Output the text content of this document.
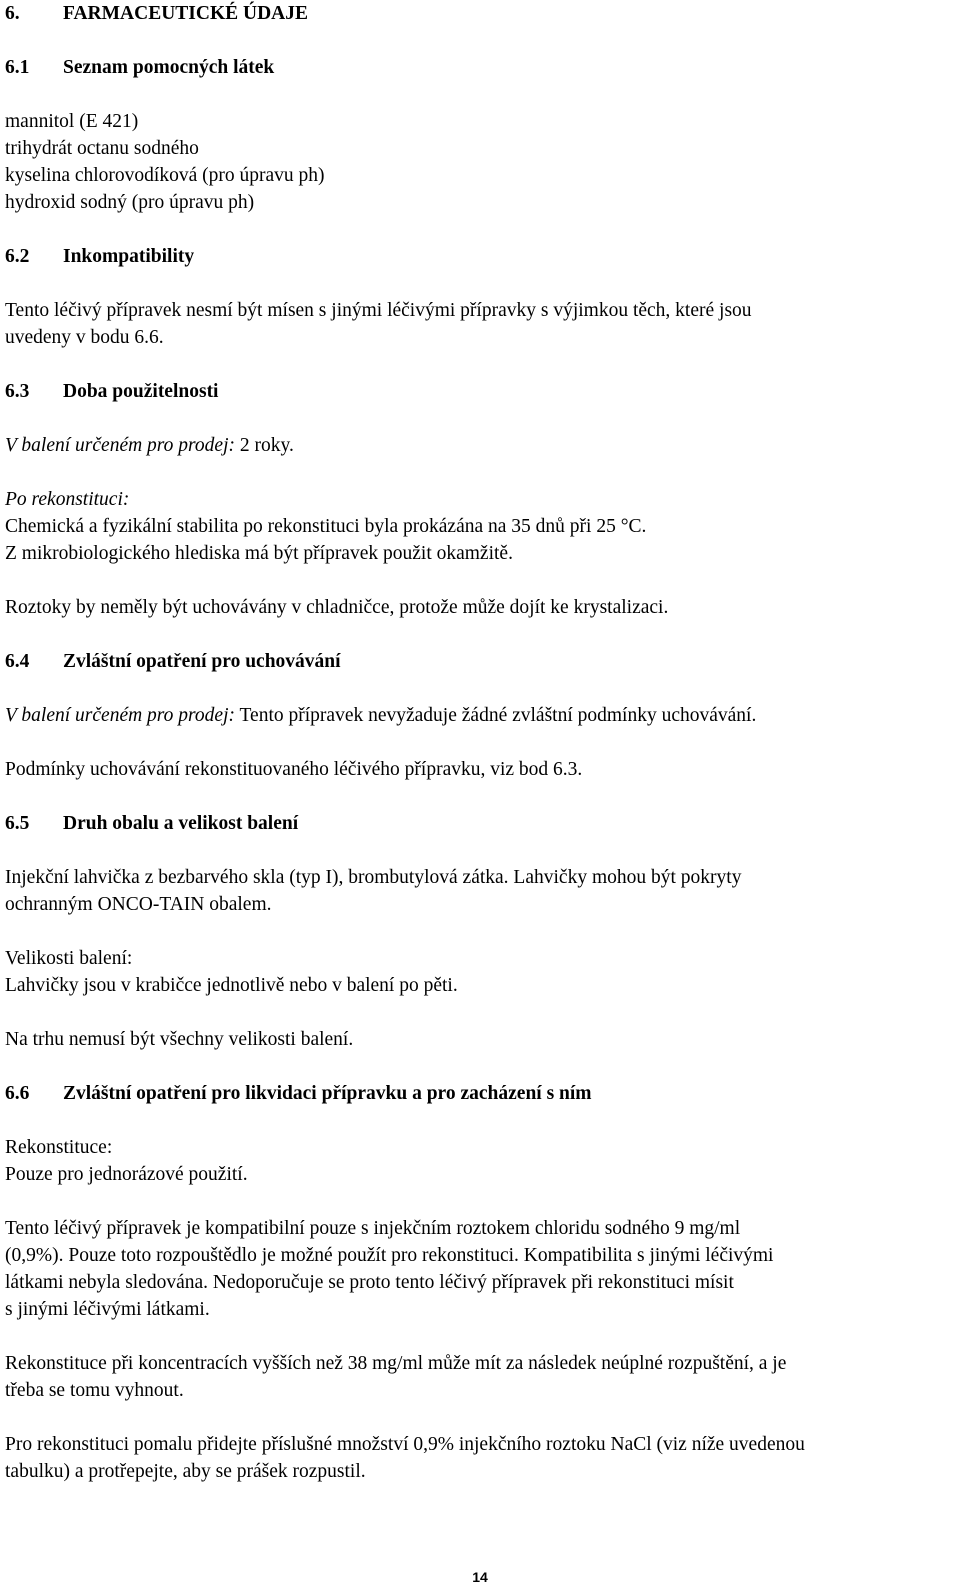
6. FARMACEUTICKÉ ÚDAJE
6.1 Seznam pomocných látek

mannitol (E 421)

trihydrát octanu sodného

kyselina chlorovodíková (pro úpravu ph)

hydroxid sodný (pro úpravu ph)

6.2 Inkompatibility

Tento léčivý přípravek nesmí být mísen s jinými léčivými přípravky s výjimkou těch, které jsou

uvedeny v bodu 6.6.

6.3 Doba použitelnosti

V balení určeném pro prodej: 2 roky.

Po rekonstituci:

Chemická a fyzikální stabilita po rekonstituci byla prokázána na 35 dnů při 25 °C.

Z mikrobiologického hlediska má být přípravek použit okamžitě.

Roztoky by neměly být uchovávány v chladničce, protože může dojít ke krystalizaci.

6.4 Zvláštní opatření pro uchovávání

V balení určeném pro prodej: Tento přípravek nevyžaduje žádné zvláštní podmínky uchovávání.

Podmínky uchovávání rekonstituovaného léčivého přípravku, viz bod 6.3.

6.5 Druh obalu a velikost balení

Injekční lahvička z bezbarvého skla (typ I), brombutylová zátka. Lahvičky mohou být pokryty

ochranným ONCO-TAIN obalem.

Velikosti balení:

Lahvičky jsou v krabičce jednotlivě nebo v balení po pěti.

Na trhu nemusí být všechny velikosti balení.

6.6 Zvláštní opatření pro likvidaci přípravku a pro zacházení s ním

Rekonstituce:

Pouze pro jednorázové použití.

Tento léčivý přípravek je kompatibilní pouze s injekčním roztokem chloridu sodného 9 mg/ml

(0,9%). Pouze toto rozpouštědlo je možné použít pro rekonstituci. Kompatibilita s jinými léčivými

látkami nebyla sledována. Nedoporučuje se proto tento léčivý přípravek při rekonstituci mísit

s jinými léčivými látkami.

Rekonstituce při koncentracích vyšších než 38 mg/ml může mít za následek neúplné rozpuštění, a je

třeba se tomu vyhnout.

Pro rekonstituci pomalu přidejte příslušné množství 0,9% injekčního roztoku NaCl (viz níže uvedenou

tabulku) a protřepejte, aby se prášek rozpustil.

14
